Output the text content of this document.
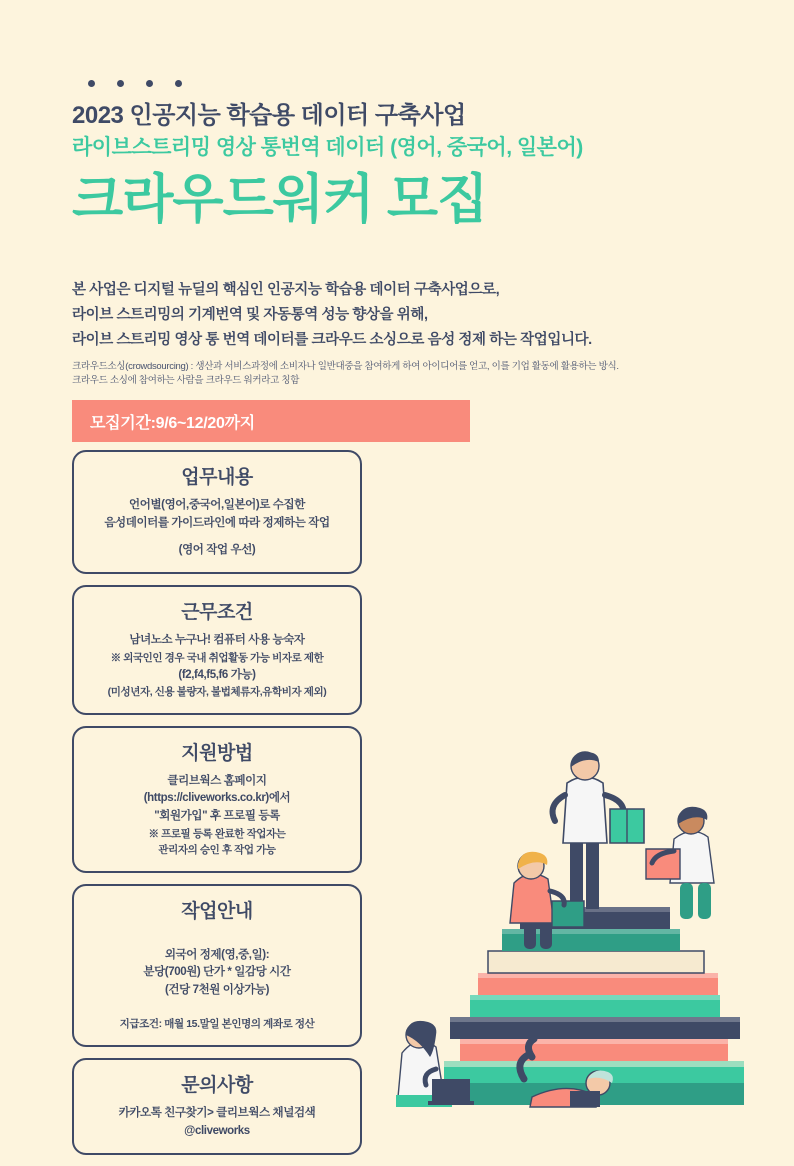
2023 인공지능 학습용 데이터 구축사업
라이브스트리밍 영상 통번역 데이터 (영어, 중국어, 일본어)
크라우드워커 모집

본 사업은 디지털 뉴딜의 핵심인 인공지능 학습용 데이터 구축사업으로,

라이브 스트리밍의 기계번역 및 자동통역 성능 향상을 위해,

라이브 스트리밍 영상 통 번역 데이터를 크라우드 소싱으로 음성 정제 하는 작업입니다.

크라우드소싱(crowdsourcing) : 생산과 서비스과정에 소비자나 일반대중을 참여하게 하여 아이디어를 얻고, 이를 기업 활동에 활용하는 방식.
크라우드 소싱에 참여하는 사람을 크라우드 워커라고 칭함
모집기간:9/6~12/20까지
업무내용
언어별(영어,중국어,일본어)로 수집한
음성데이터를 가이드라인에 따라 정제하는 작업
(영어 작업 우선)
근무조건
남녀노소 누구나! 컴퓨터 사용 능숙자
※ 외국인인 경우 국내 취업활동 가능 비자로 제한
(f2,f4,f5,f6 가능)
(미성년자, 신용 불량자, 불법체류자,유학비자 제외)
지원방법
클리브웍스 홈페이지
(https://cliveworks.co.kr)에서
"회원가입" 후 프로필 등록
※ 프로필 등록 완료한 작업자는
관리자의 승인 후 작업 가능
작업안내
외국어 정제(영,중,일):
분당(700원) 단가 * 일감당 시간
(건당 7천원 이상가능)
지급조건: 매월 15.말일 본인명의 계좌로 정산
문의사항
카카오톡 친구찾기> 클리브웍스 채널검색
@cliveworks
